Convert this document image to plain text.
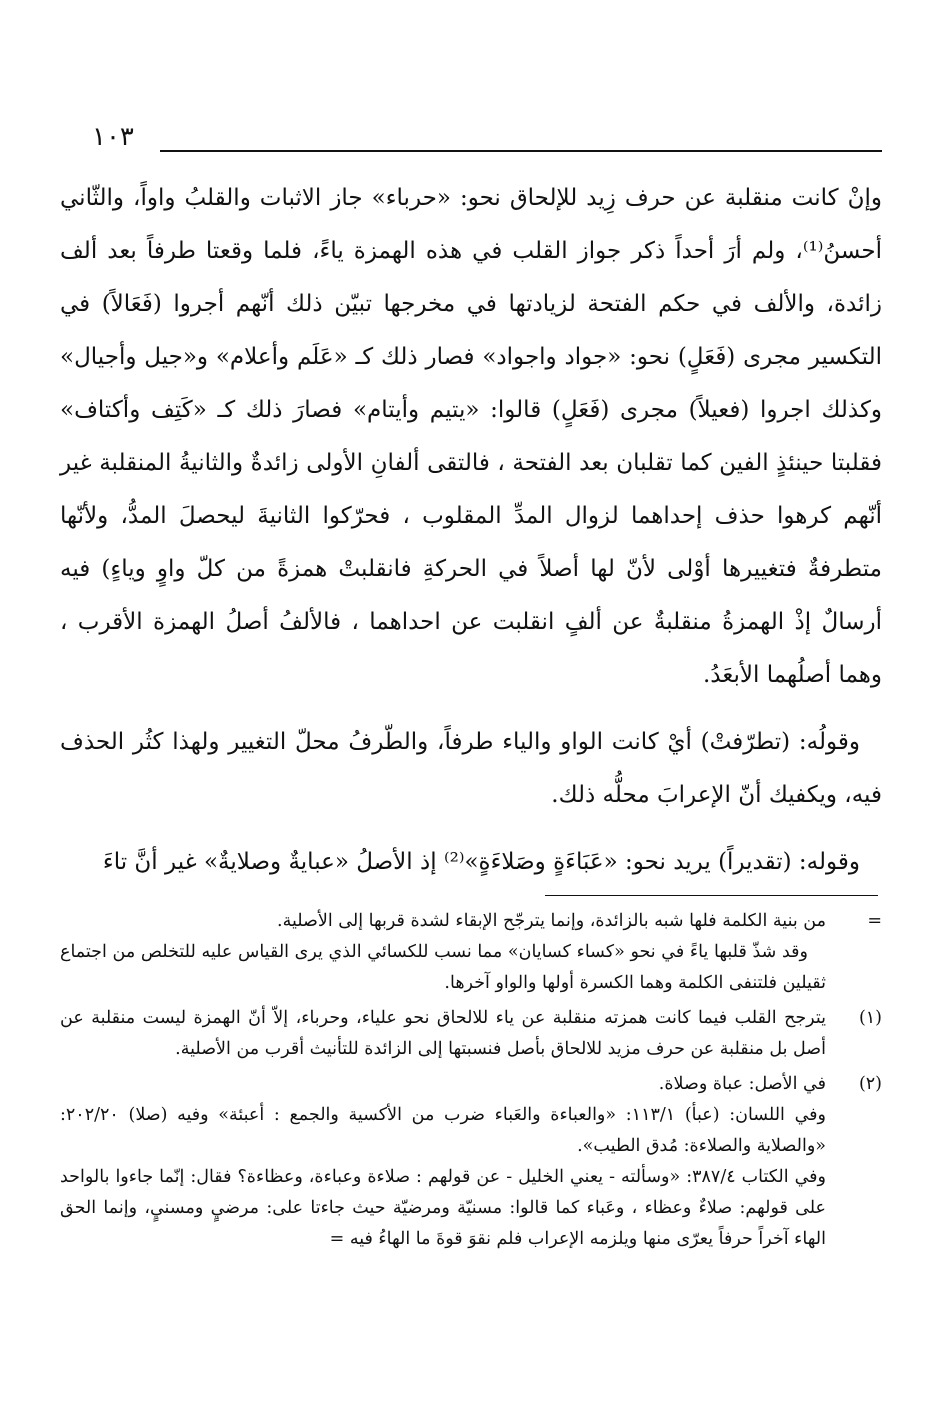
١٠٣

وإنْ كانت منقلبة عن حرف زِيد للإلحاق نحو: «حرباء» جاز الاثبات والقلبُ واواً، والثّاني أحسنُ⁽¹⁾، ولم أرَ أحداً ذكر جواز القلب في هذه الهمزة ياءً، فلما وقعتا طرفاً بعد ألف زائدة، والألف في حكم الفتحة لزيادتها في مخرجها تبيّن ذلك أنّهم أجروا (فَعَالاً) في التكسير مجرى (فَعَلٍ) نحو: «جواد واجواد» فصار ذلك كـ «عَلَم وأعلام» و«جيل وأجيال» وكذلك اجروا (فعيلاً) مجرى (فَعَلٍ) قالوا: «يتيم وأيتام» فصارَ ذلك كـ «كَتِف وأكتاف» فقلبتا حينئذٍ الفين كما تقلبان بعد الفتحة ، فالتقى ألفانِ الأولى زائدةٌ والثانيةُ المنقلبة غير أنّهم كرهوا حذف إحداهما لزوال المدِّ المقلوب ، فحرّكوا الثانيةَ ليحصلَ المدُّ، ولأنّها متطرفةٌ فتغييرها أوْلى لأنّ لها أصلاً في الحركةِ فانقلبتْ همزةً من كلّ واوٍ وياءٍ) فيه أرسالٌ إذْ الهمزةُ منقلبةٌ عن ألفٍ انقلبت عن احداهما ، فالألفُ أصلُ الهمزة الأقرب ، وهما أصلُهما الأبعَدُ.

وقولُه: (تطرّفتْ) أيْ كانت الواو والياء طرفاً، والطّرفُ محلّ التغيير ولهذا كثُر الحذف فيه، ويكفيك أنّ الإعرابَ محلُّه ذلك.

وقوله: (تقديراً) يريد نحو: «عَبَاءَةٍ وصَلاءَةٍ»⁽²⁾ إذ الأصلُ «عبايةٌ وصلايةٌ» غير أنَّ تاءَ

=

من بنية الكلمة فلها شبه بالزائدة، وإنما يترجّح الإبقاء لشدة قربها إلى الأصلية.

وقد شذّ قلبها ياءً في نحو «كساء كسايان» مما نسب للكسائي الذي يرى القياس عليه للتخلص من اجتماع ثقيلين فلتنفى الكلمة وهما الكسرة أولها والواو آخرها.

(١)

يترجح القلب فيما كانت همزته منقلبة عن ياء للالحاق نحو علياء، وحرباء، إلاّ أنّ الهمزة ليست منقلبة عن أصل بل منقلبة عن حرف مزيد للالحاق بأصل فنسبتها إلى الزائدة للتأنيث أقرب من الأصلية.

(٢)

في الأصل: عباة وصلاة.

وفي اللسان: (عبأ) ١١٣/١: «والعباءة والعَباء ضرب من الأكسية والجمع : أعبئة» وفيه (صلا) ٢٠٢/٢٠: «والصلاية والصلاءة: مُدق الطيب».

وفي الكتاب ٣٨٧/٤: «وسألته - يعني الخليل - عن قولهم : صلاءة وعباءة، وعظاءة؟ فقال: إنّما جاءوا بالواحد على قولهم: صلاءٌ وعظاء ، وعَباء كما قالوا: مسنيّة ومرضيّة حيث جاءتا على: مرضيٍ ومسنيٍ، وإنما الحق الهاء آخراً حرفاً يعرّى منها ويلزمه الإعراب فلم نقوَ قوةَ ما الهاءُ فيه =
